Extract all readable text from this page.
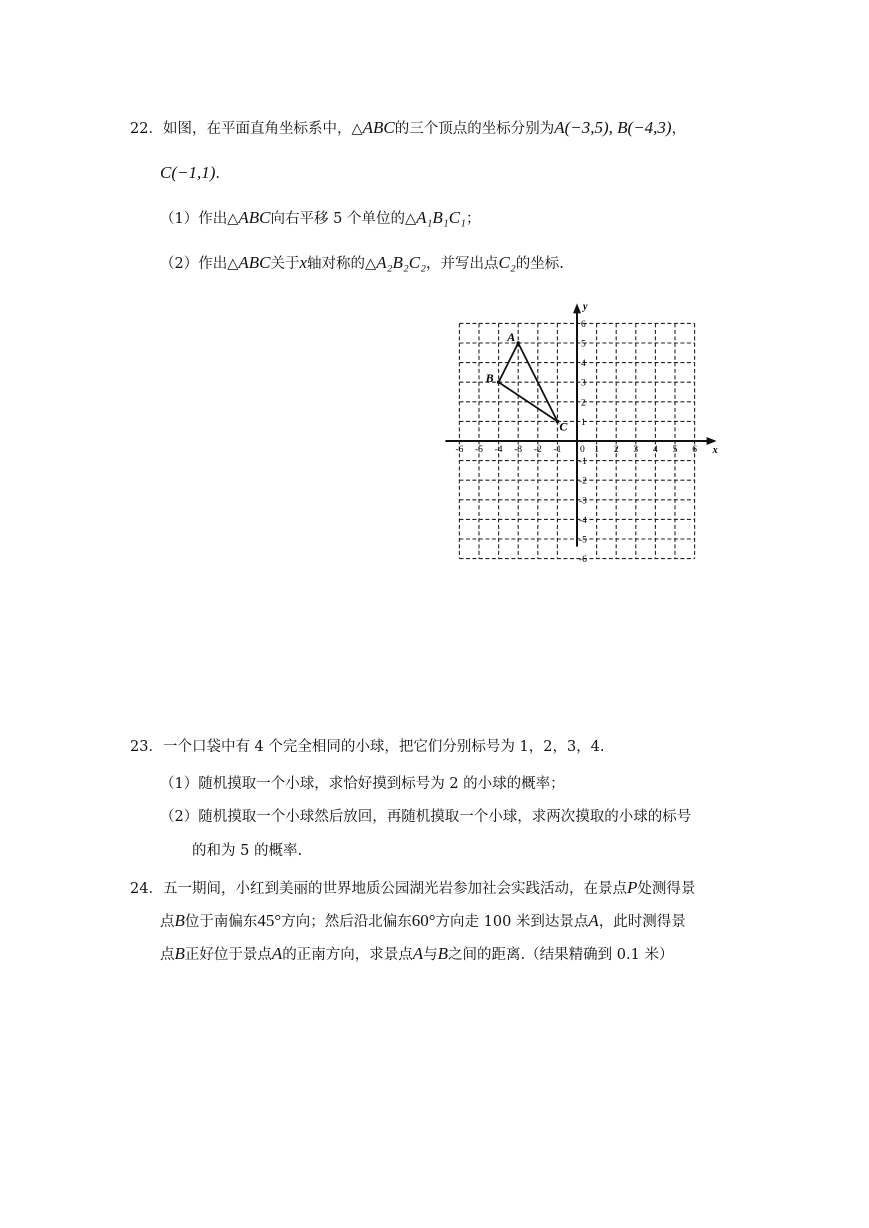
22．如图，在平面直角坐标系中，△ABC的三个顶点的坐标分别为A(−3,5), B(−4,3)，
C(−1,1).
（1）作出△ABC向右平移 5 个单位的△A₁B₁C₁；
（2）作出△ABC关于x轴对称的△A₂B₂C₂，并写出点C₂的坐标.
x
y
0
-6 -5 -4 -3 -2 -1	1 2 3 4 5 6
6
5
4
3
2
1
-1
-2
-3
-4
-5
-6
A
B
C
23．一个口袋中有 4 个完全相同的小球，把它们分别标号为 1，2，3，4.
（1）随机摸取一个小球，求恰好摸到标号为 2 的小球的概率；
（2）随机摸取一个小球然后放回，再随机摸取一个小球，求两次摸取的小球的标号
的和为 5 的概率.
24．五一期间，小红到美丽的世界地质公园湖光岩参加社会实践活动，在景点P处测得景
点B位于南偏东45°方向；然后沿北偏东60°方向走 100 米到达景点A，此时测得景
点B正好位于景点A的正南方向，求景点A与B之间的距离.（结果精确到 0.1 米）
